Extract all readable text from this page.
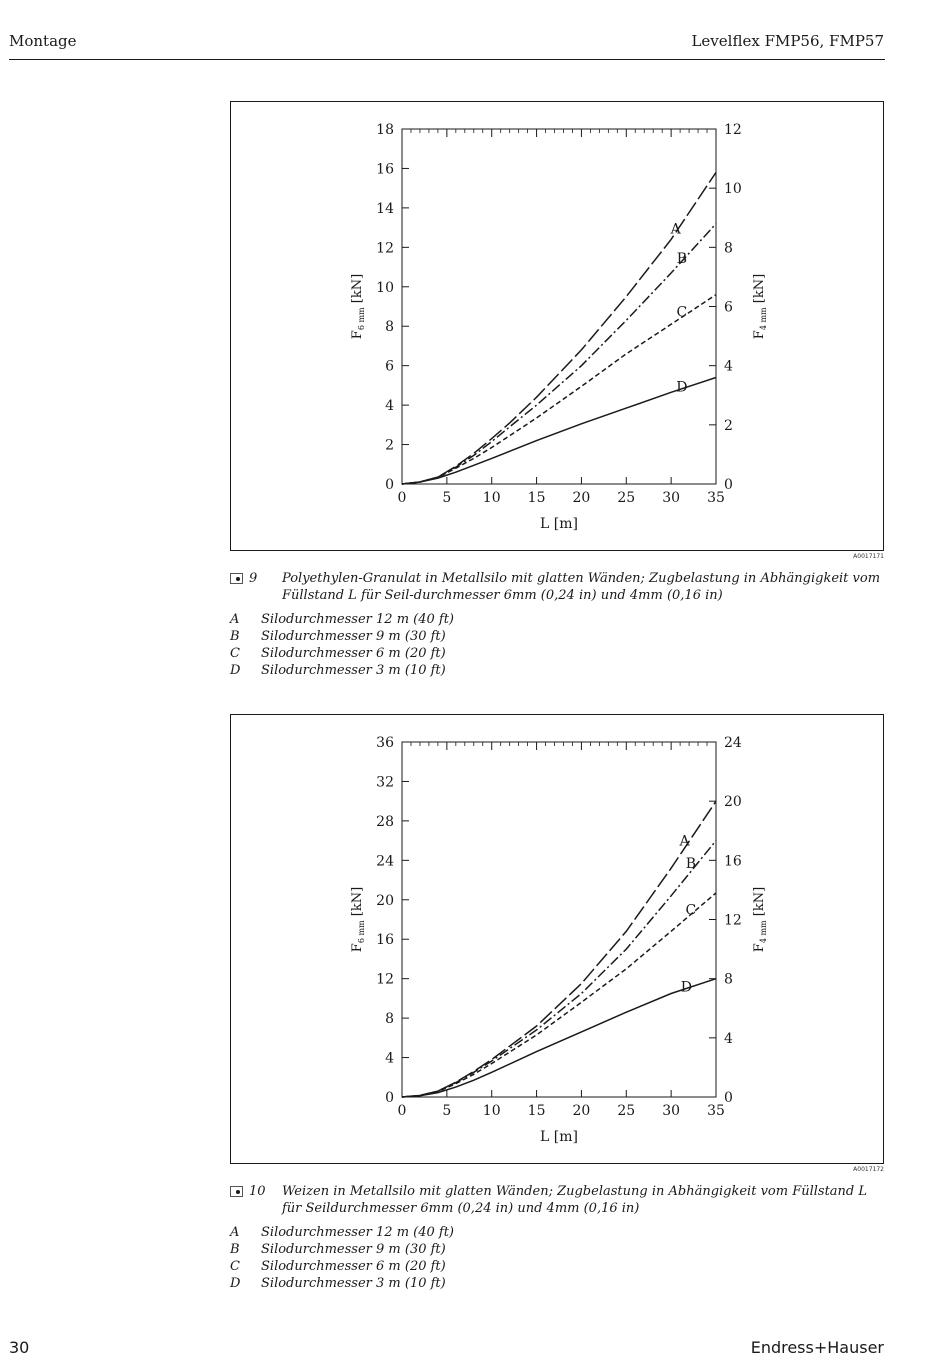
Montage	Levelflex FMP56, FMP57
0	5 10 15 20 25 30 35
0
2
4
6
8
10
12
14
16
18
0
2
4
6
8
10
12
L [m]
$F_{6 mm}$ [kN]
$F_{4 mm}$ [kN]
A
B
C
D
A0017171
9 Polyethylen-Granulat in Metallsilo mit glatten Wänden; Zugbelastung in Abhängigkeit vom Füllstand L für Seil-durchmesser 6mm (0,24 in) und 4mm (0,16 in)
A Silodurchmesser 12 m (40 ft)
B Silodurchmesser 9 m (30 ft)
C Silodurchmesser 6 m (20 ft)
D Silodurchmesser 3 m (10 ft)
0	5 10 15 20 25 30 35
0
4
8
12
16
20
24
28
32
36
0
4
8
12
16
20
24
L [m]
$F_{6 mm}$ [kN]
$F_{4 mm}$ [kN]
A
B
C
D
A0017172
10 Weizen in Metallsilo mit glatten Wänden; Zugbelastung in Abhängigkeit vom Füllstand L für Seildurchmesser 6mm (0,24 in) und 4mm (0,16 in)
A Silodurchmesser 12 m (40 ft)
B Silodurchmesser 9 m (30 ft)
C Silodurchmesser 6 m (20 ft)
D Silodurchmesser 3 m (10 ft)
30	Endress+Hauser
